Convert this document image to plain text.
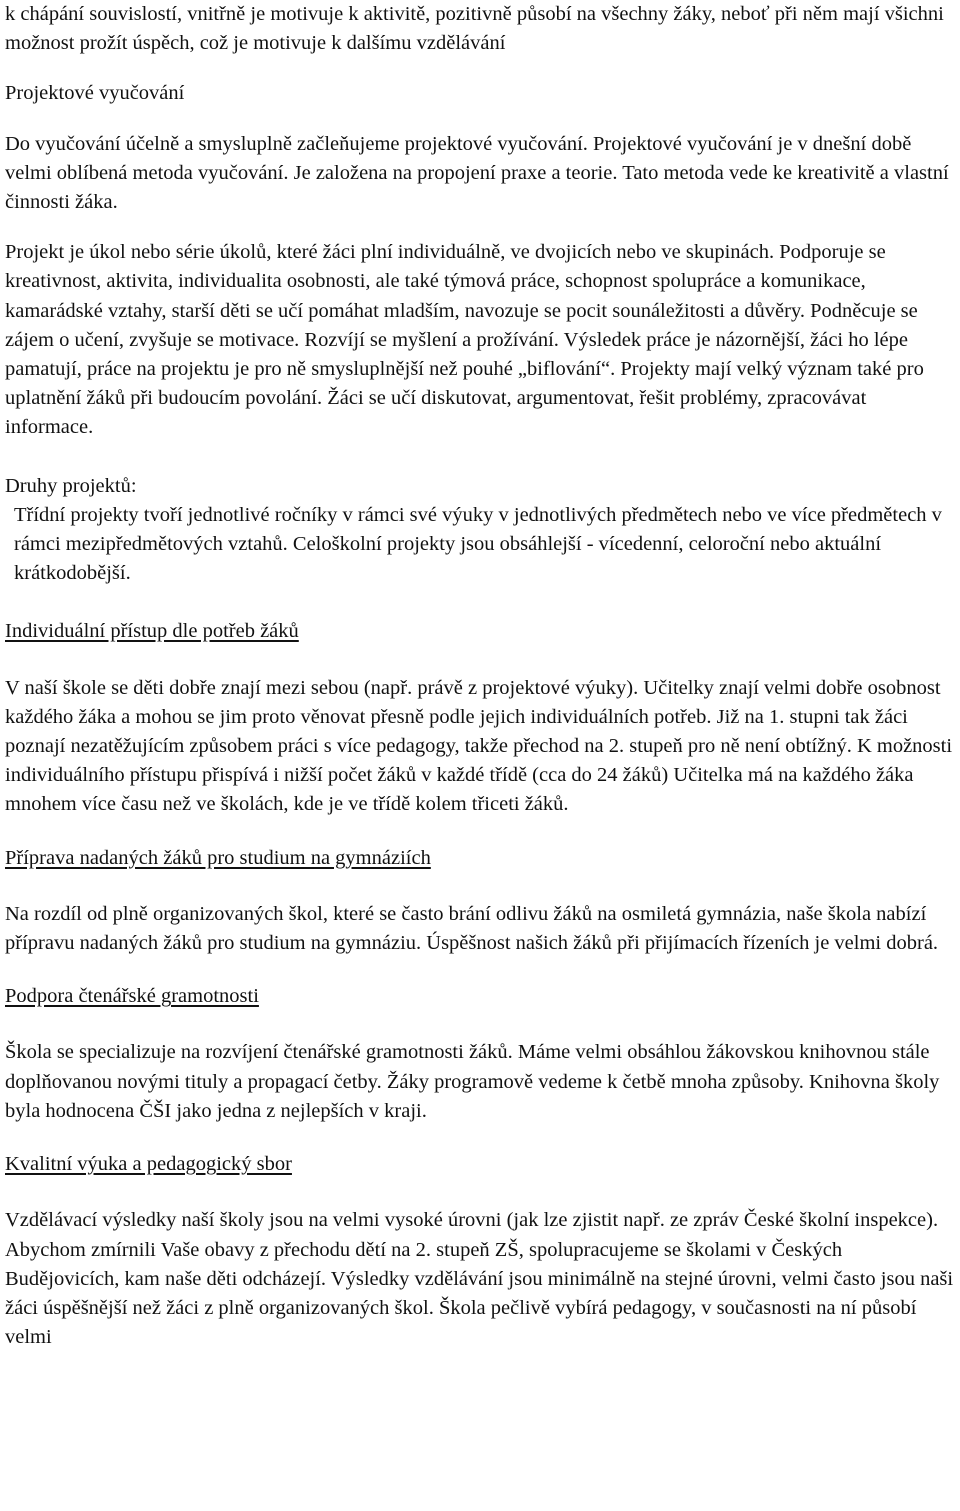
k chápání souvislostí, vnitřně je motivuje k aktivitě, pozitivně působí na všechny žáky, neboť při něm mají všichni možnost prožít úspěch, což je motivuje k dalšímu vzdělávání

Projektové vyučování

Do vyučování účelně a smysluplně začleňujeme projektové vyučování. Projektové vyučování je v dnešní době velmi oblíbená metoda vyučování. Je založena na propojení praxe a teorie. Tato metoda vede ke kreativitě a vlastní činnosti žáka.

Projekt je úkol nebo série úkolů, které žáci plní individuálně, ve dvojicích nebo ve skupinách. Podporuje se kreativnost, aktivita, individualita osobnosti, ale také týmová práce, schopnost spolupráce a komunikace, kamarádské vztahy, starší děti se učí pomáhat mladším, navozuje se pocit sounáležitosti a důvěry. Podněcuje se zájem o učení, zvyšuje se motivace. Rozvíjí se myšlení a prožívání. Výsledek práce je názornější, žáci ho lépe pamatují, práce na projektu je pro ně smysluplnější než pouhé „biflování“. Projekty mají velký význam také pro uplatnění žáků při budoucím povolání. Žáci se učí diskutovat, argumentovat, řešit problémy, zpracovávat informace.

Druhy projektů:

Třídní projekty tvoří jednotlivé ročníky v rámci své výuky v jednotlivých předmětech nebo ve více předmětech v rámci mezipředmětových vztahů. Celoškolní projekty jsou obsáhlejší - vícedenní, celoroční nebo aktuální krátkodobější.

Individuální přístup dle potřeb žáků

V naší škole se děti dobře znají mezi sebou (např. právě z projektové výuky). Učitelky znají velmi dobře osobnost každého žáka a mohou se jim proto věnovat přesně podle jejich individuálních potřeb. Již na 1. stupni tak žáci poznají nezatěžujícím způsobem práci s více pedagogy, takže přechod na 2. stupeň pro ně není obtížný. K možnosti individuálního přístupu přispívá i nižší počet žáků v každé třídě (cca do 24 žáků) Učitelka má na každého žáka mnohem více času než ve školách, kde je ve třídě kolem třiceti žáků.

Příprava nadaných žáků pro studium na gymnáziích

Na rozdíl od plně organizovaných škol, které se často brání odlivu žáků na osmiletá gymnázia, naše škola nabízí přípravu nadaných žáků pro studium na gymnáziu. Úspěšnost našich žáků při přijímacích řízeních je velmi dobrá.

Podpora čtenářské gramotnosti

Škola se specializuje na rozvíjení čtenářské gramotnosti žáků. Máme velmi obsáhlou žákovskou knihovnou stále doplňovanou novými tituly a propagací četby. Žáky programově vedeme k četbě mnoha způsoby. Knihovna školy byla hodnocena ČŠI jako jedna z nejlepších v kraji.

Kvalitní výuka a pedagogický sbor

Vzdělávací výsledky naší školy jsou na velmi vysoké úrovni (jak lze zjistit např. ze zpráv České školní inspekce). Abychom zmírnili Vaše obavy z přechodu dětí na 2. stupeň ZŠ, spolupracujeme se školami v Českých Budějovicích, kam naše děti odcházejí. Výsledky vzdělávání jsou minimálně na stejné úrovni, velmi často jsou naši žáci úspěšnější než žáci z plně organizovaných škol. Škola pečlivě vybírá pedagogy, v současnosti na ní působí velmi
